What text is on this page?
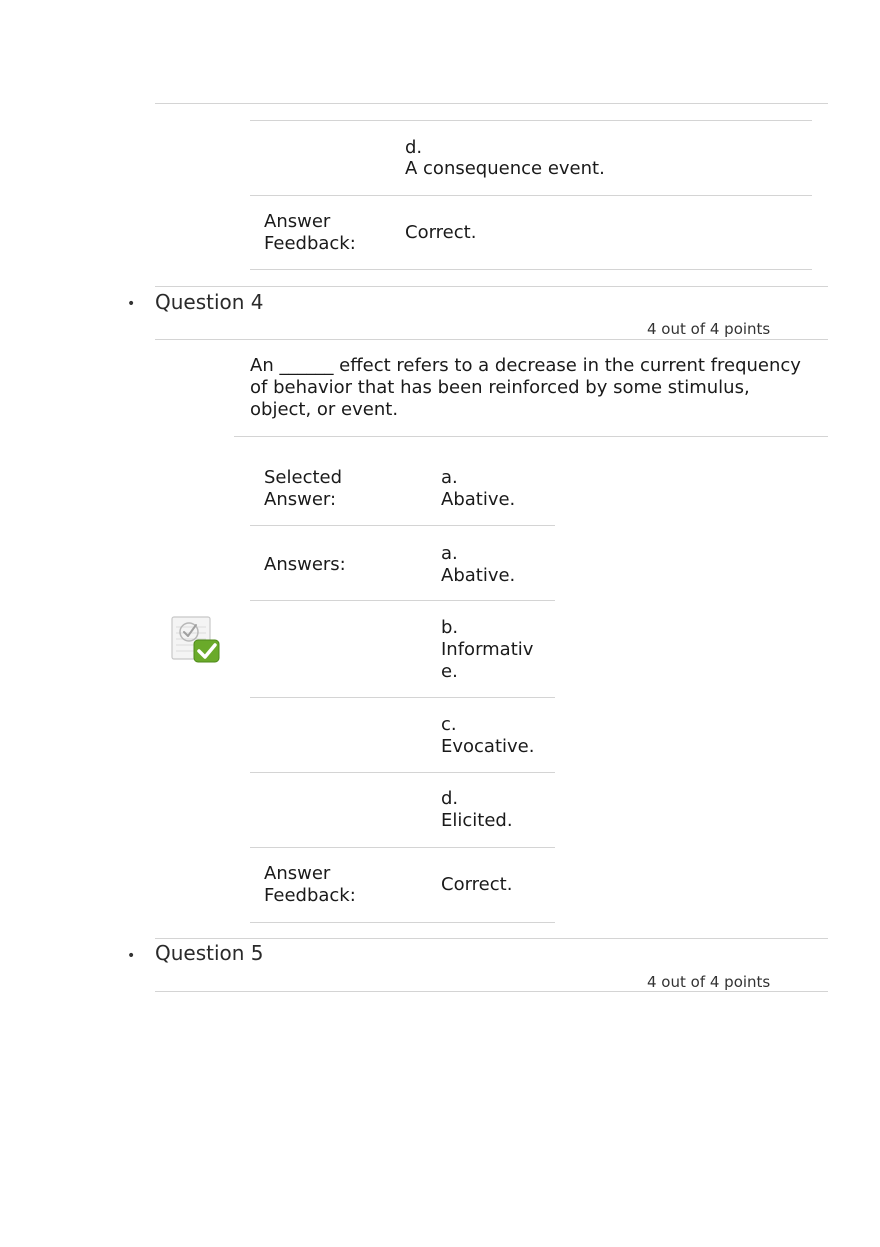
d.
A consequence event.
Answer
Feedback:
Correct.
• Question 4
4 out of 4 points
An ______ effect refers to a decrease in the current frequency of behavior that has been reinforced by some stimulus, object, or event.
Selected
Answer:
a.
Abative.
Answers:
a.
Abative.
b.
Informativ
e.
c.
Evocative.
d.
Elicited.
Answer
Feedback:
Correct.
• Question 5
4 out of 4 points
